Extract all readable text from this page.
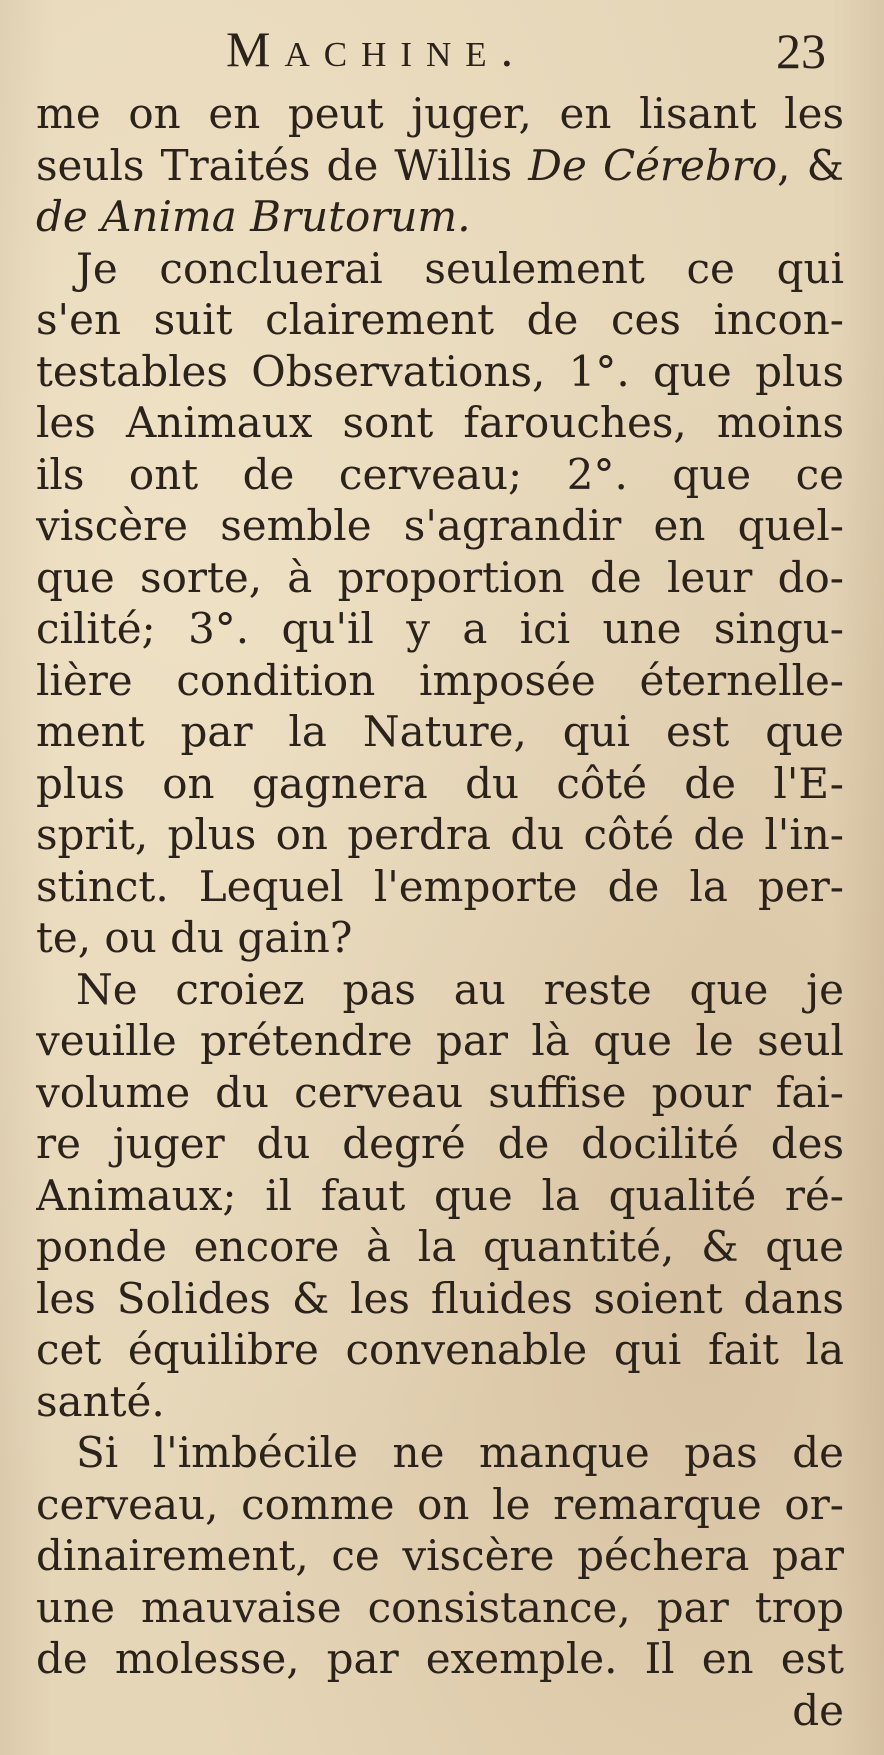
Machine.	23
me on en peut juger, en lisant les
seuls Traités de Willis De Cérebro, &
de Anima Brutorum.
Je concluerai seulement ce qui
s'en suit clairement de ces incon-
testables Observations, 1°. que plus
les Animaux sont farouches, moins
ils ont de cerveau; 2°. que ce
viscère semble s'agrandir en quel-
que sorte, à proportion de leur do-
cilité; 3°. qu'il y a ici une singu-
lière condition imposée éternelle-
ment par la Nature, qui est que
plus on gagnera du côté de l'E-
sprit, plus on perdra du côté de l'in-
stinct. Lequel l'emporte de la per-
te, ou du gain?
Ne croiez pas au reste que je
veuille prétendre par là que le seul
volume du cerveau suffise pour fai-
re juger du degré de docilité des
Animaux; il faut que la qualité ré-
ponde encore à la quantité, & que
les Solides & les fluides soient dans
cet équilibre convenable qui fait la
santé.
Si l'imbécile ne manque pas de
cerveau, comme on le remarque or-
dinairement, ce viscère péchera par
une mauvaise consistance, par trop
de molesse, par exemple. Il en est
de
